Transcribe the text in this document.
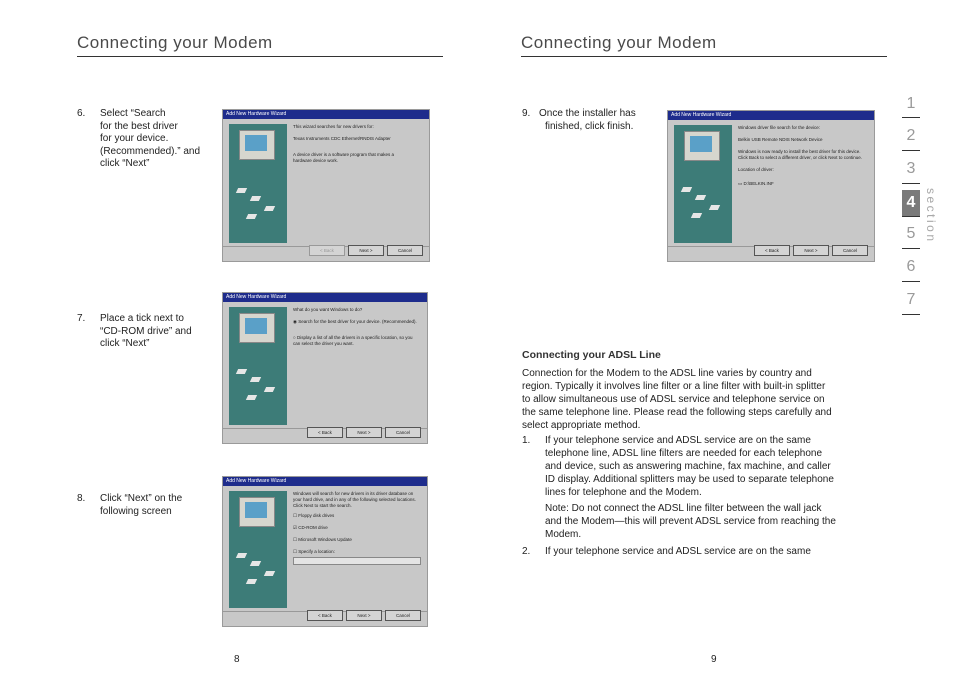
Connecting your Modem
6. Select “Search
for the best driver
for your device.
(Recommended).” and
click “Next”
7. Place a tick next to
“CD-ROM drive” and
click “Next”
8. Click “Next” on the
following screen
Add New Hardware Wizard
This wizard searches for new drivers for:
Texas Instruments CDC Ethernet/RNDIS Adapter
A device driver is a software program that makes a
hardware device work.
< Back	Next >	Cancel
Add New Hardware Wizard
What do you want Windows to do?
◉ Search for the best driver for your device. (Recommended).
○ Display a list of all the drivers in a specific location, so you can select the driver you want.
< Back	Next >	Cancel
Add New Hardware Wizard
Windows will search for new drivers in its driver database on your hard drive, and in any of the following selected locations. Click Next to start the search.
☐ Floppy disk drives
☑ CD-ROM drive
☐ Microsoft Windows Update
☐ Specify a location:
< Back	Next >	Cancel
8
Connecting your Modem
9. Once the installer has
finished, click finish.
Add New Hardware Wizard
Windows driver file search for the device:
Belkin USB Remote NDIS Network Device
Windows is now ready to install the best driver for this device. Click Back to select a different driver, or click Next to continue.
Location of driver:
▭ D:\BELKIN.INF
< Back	Next >	Cancel
Connecting your ADSL Line
Connection for the Modem to the ADSL line varies by country and
region. Typically it involves line filter or a line filter with built-in splitter
to allow simultaneous use of ADSL service and telephone service on
the same telephone line. Please read the following steps carefully and
select appropriate method.
1. If your telephone service and ADSL service are on the same
telephone line, ADSL line filters are needed for each telephone
and device, such as answering machine, fax machine, and caller
ID display. Additional splitters may be used to separate telephone
lines for telephone and the Modem.
Note: Do not connect the ADSL line filter between the wall jack
and the Modem—this will prevent ADSL service from reaching the
Modem.
2. If your telephone service and ADSL service are on the same
9
1
2
3
4
5
6
7
section
